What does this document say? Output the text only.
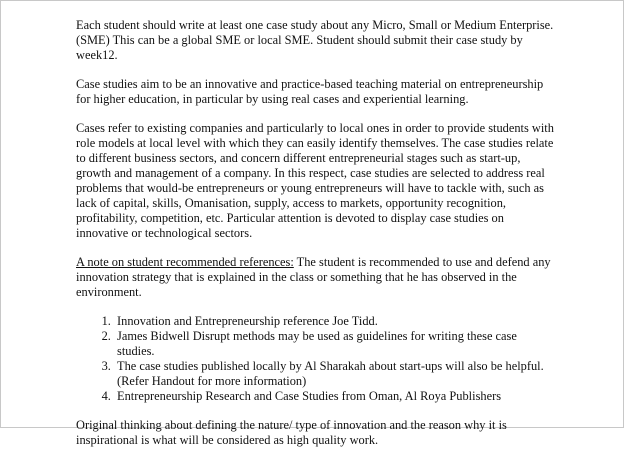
Each student should write at least one case study about any Micro, Small or Medium Enterprise. (SME) This can be a global SME or local SME. Student should submit their case study by week12.

Case studies aim to be an innovative and practice-based teaching material on entrepreneurship for higher education, in particular by using real cases and experiential learning.

Cases refer to existing companies and particularly to local ones in order to provide students with role models at local level with which they can easily identify themselves. The case studies relate to different business sectors, and concern different entrepreneurial stages such as start-up, growth and management of a company. In this respect, case studies are selected to address real problems that would-be entrepreneurs or young entrepreneurs will have to tackle with, such as lack of capital, skills, Omanisation, supply, access to markets, opportunity recognition, profitability, competition, etc. Particular attention is devoted to display case studies on innovative or technological sectors.

A note on student recommended references: The student is recommended to use and defend any innovation strategy that is explained in the class or something that he has observed in the environment.

1. Innovation and Entrepreneurship reference Joe Tidd.
2. James Bidwell Disrupt methods may be used as guidelines for writing these case studies.
3. The case studies published locally by Al Sharakah about start-ups will also be helpful. (Refer Handout for more information)
4. Entrepreneurship Research and Case Studies from Oman, Al Roya Publishers

Original thinking about defining the nature/ type of innovation and the reason why it is inspirational is what will be considered as high quality work.
